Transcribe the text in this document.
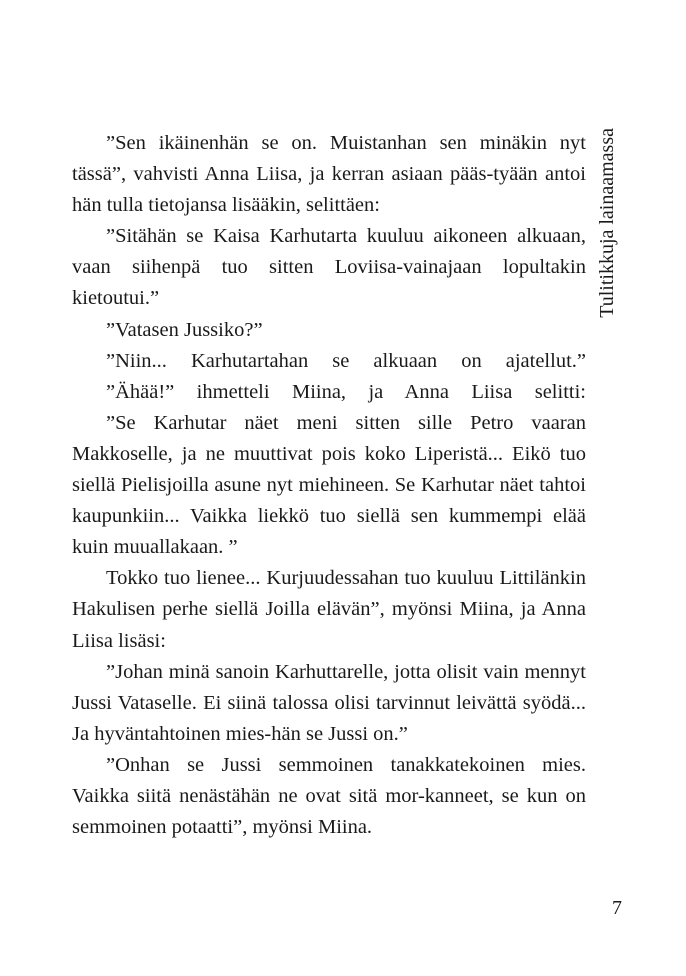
”Sen ikäinenhän se on. Muistanhan sen minäkin nyt tässä”, vahvisti Anna Liisa, ja kerran asiaan pääs-tyään antoi hän tulla tietojansa lisääkin, selittäen:

”Sitähän se Kaisa Karhutarta kuuluu aikoneen alkuaan, vaan siihenpä tuo sitten Loviisa-vainajaan lopultakin kietoutui.”

”Vatasen Jussiko?”

”Niin... Karhutartahan se alkuaan on ajatellut.”

”Ähää!” ihmetteli Miina, ja Anna Liisa selitti:

”Se Karhutar näet meni sitten sille Petro vaaran Makkoselle, ja ne muuttivat pois koko Liperistä... Eikö tuo siellä Pielisjoilla asune nyt miehineen. Se Karhutar näet tahtoi kaupunkiin... Vaikka liekkö tuo siellä sen kummempi elää kuin muuallakaan. ”

Tokko tuo lienee... Kurjuudessahan tuo kuuluu Littilänkin Hakulisen perhe siellä Joilla elävän”, myönsi Miina, ja Anna Liisa lisäsi:

”Johan minä sanoin Karhuttarelle, jotta olisit vain mennyt Jussi Vataselle. Ei siinä talossa olisi tarvinnut leivättä syödä... Ja hyväntahtoinen mies-hän se Jussi on.”

”Onhan se Jussi semmoinen tanakkatekoinen mies. Vaikka siitä nenästähän ne ovat sitä mor-kanneet, se kun on semmoinen potaatti”, myönsi Miina.

Tulitikkuja lainaamassa
7
